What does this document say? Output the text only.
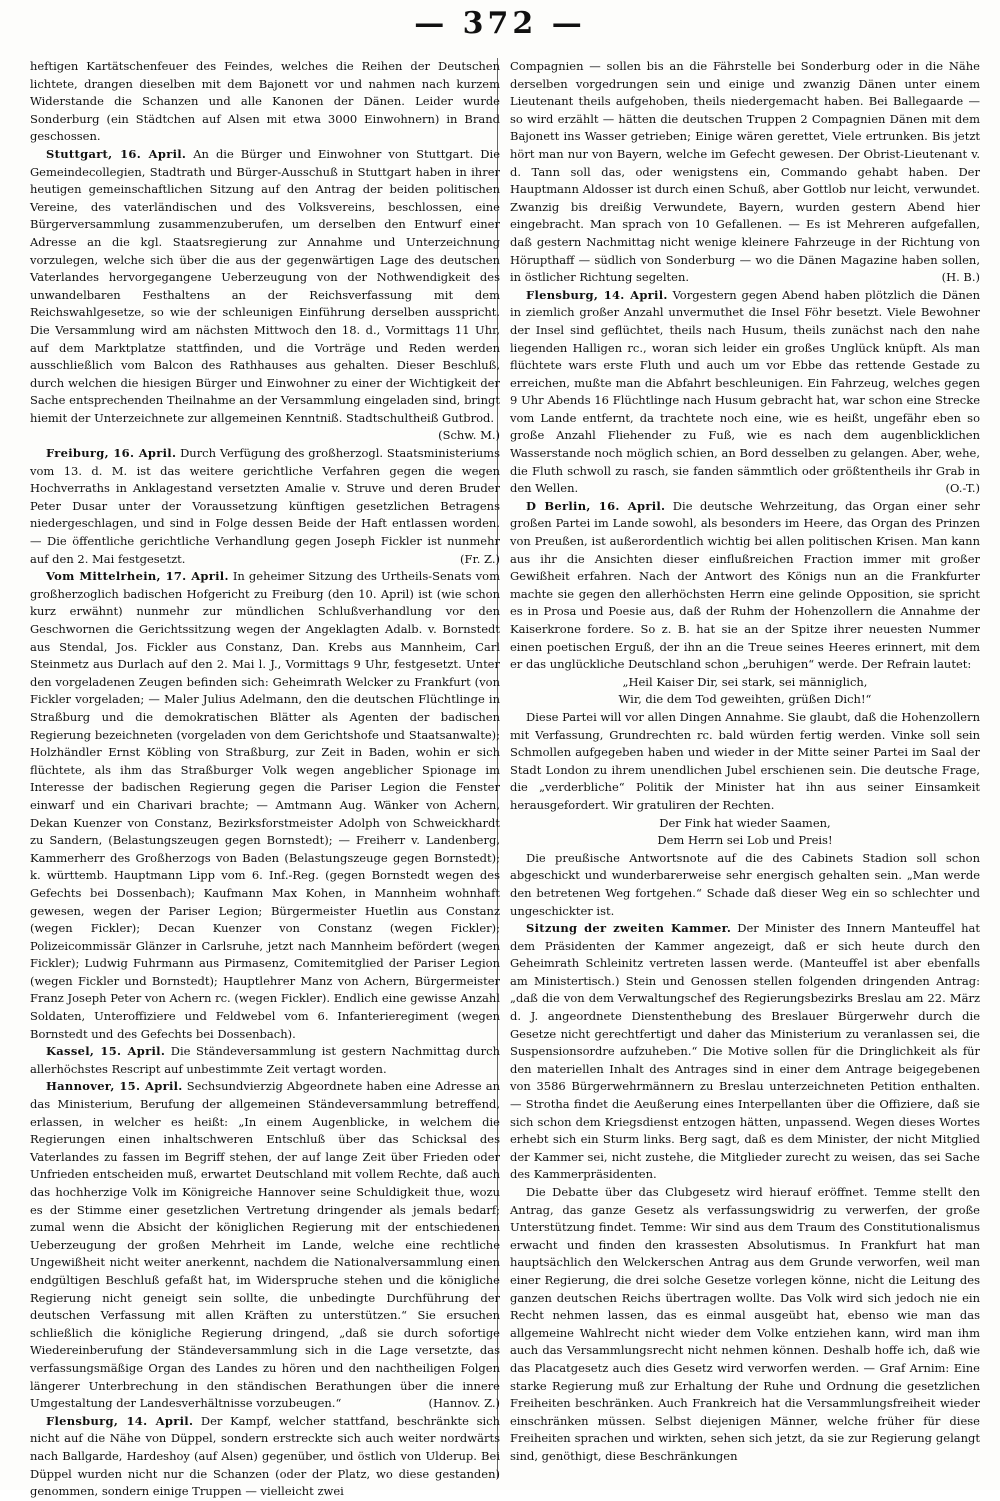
— 372 —

heftigen Kartätschenfeuer des Feindes, welches die Reihen der Deutschen lichtete, drangen dieselben mit dem Bajonett vor und nahmen nach kurzem Widerstande die Schanzen und alle Kanonen der Dänen. Leider wurde Sonderburg (ein Städtchen auf Alsen mit etwa 3000 Einwohnern) in Brand geschossen.

Stuttgart, 16. April. An die Bürger und Einwohner von Stuttgart. Die Gemeindecollegien, Stadtrath und Bürger-Ausschuß in Stuttgart haben in ihrer heutigen gemeinschaftlichen Sitzung auf den Antrag der beiden politischen Vereine, des vaterländischen und des Volksvereins, beschlossen, eine Bürgerversammlung zusammenzuberufen, um derselben den Entwurf einer Adresse an die kgl. Staatsregierung zur Annahme und Unterzeichnung vorzulegen, welche sich über die aus der gegenwärtigen Lage des deutschen Vaterlandes hervorgegangene Ueberzeugung von der Nothwendigkeit des unwandelbaren Festhaltens an der Reichsverfassung mit dem Reichswahlgesetze, so wie der schleunigen Einführung derselben ausspricht. Die Versammlung wird am nächsten Mittwoch den 18. d., Vormittags 11 Uhr, auf dem Marktplatze stattfinden, und die Vorträge und Reden werden ausschließlich vom Balcon des Rathhauses aus gehalten. Dieser Beschluß, durch welchen die hiesigen Bürger und Einwohner zu einer der Wichtigkeit der Sache entsprechenden Theilnahme an der Versammlung eingeladen sind, bringt hiemit der Unterzeichnete zur allgemeinen Kenntniß. Stadtschultheiß Gutbrod.
(Schw. M.)

Freiburg, 16. April. Durch Verfügung des großherzogl. Staatsministeriums vom 13. d. M. ist das weitere gerichtliche Verfahren gegen die wegen Hochverraths in Anklagestand versetzten Amalie v. Struve und deren Bruder Peter Dusar unter der Voraussetzung künftigen gesetzlichen Betragens niedergeschlagen, und sind in Folge dessen Beide der Haft entlassen worden. — Die öffentliche gerichtliche Verhandlung gegen Joseph Fickler ist nunmehr auf den 2. Mai festgesetzt.	(Fr. Z.)

Vom Mittelrhein, 17. April. In geheimer Sitzung des Urtheils-Senats vom großherzoglich badischen Hofgericht zu Freiburg (den 10. April) ist (wie schon kurz erwähnt) nunmehr zur mündlichen Schlußverhandlung vor den Geschwornen die Gerichtssitzung wegen der Angeklagten Adalb. v. Bornstedt aus Stendal, Jos. Fickler aus Constanz, Dan. Krebs aus Mannheim, Carl Steinmetz aus Durlach auf den 2. Mai l. J., Vormittags 9 Uhr, festgesetzt. Unter den vorgeladenen Zeugen befinden sich: Geheimrath Welcker zu Frankfurt (von Fickler vorgeladen; — Maler Julius Adelmann, den die deutschen Flüchtlinge in Straßburg und die demokratischen Blätter als Agenten der badischen Regierung bezeichneten (vorgeladen von dem Gerichtshofe und Staatsanwalte); Holzhändler Ernst Köbling von Straßburg, zur Zeit in Baden, wohin er sich flüchtete, als ihm das Straßburger Volk wegen angeblicher Spionage im Interesse der badischen Regierung gegen die Pariser Legion die Fenster einwarf und ein Charivari brachte; — Amtmann Aug. Wänker von Achern, Dekan Kuenzer von Constanz, Bezirksforstmeister Adolph von Schweickhardt zu Sandern, (Belastungszeugen gegen Bornstedt); — Freiherr v. Landenberg, Kammerherr des Großherzogs von Baden (Belastungszeuge gegen Bornstedt); k. württemb. Hauptmann Lipp vom 6. Inf.-Reg. (gegen Bornstedt wegen des Gefechts bei Dossenbach); Kaufmann Max Kohen, in Mannheim wohnhaft gewesen, wegen der Pariser Legion; Bürgermeister Huetlin aus Constanz (wegen Fickler); Decan Kuenzer von Constanz (wegen Fickler); Polizeicommissär Glänzer in Carlsruhe, jetzt nach Mannheim befördert (wegen Fickler); Ludwig Fuhrmann aus Pirmasenz, Comitemitglied der Pariser Legion (wegen Fickler und Bornstedt); Hauptlehrer Manz von Achern, Bürgermeister Franz Joseph Peter von Achern rc. (wegen Fickler). Endlich eine gewisse Anzahl Soldaten, Unteroffiziere und Feldwebel vom 6. Infanterieregiment (wegen Bornstedt und des Gefechts bei Dossenbach).

Kassel, 15. April. Die Ständeversammlung ist gestern Nachmittag durch allerhöchstes Rescript auf unbestimmte Zeit vertagt worden.

Hannover, 15. April. Sechsundvierzig Abgeordnete haben eine Adresse an das Ministerium, Berufung der allgemeinen Ständeversammlung betreffend, erlassen, in welcher es heißt: „In einem Augenblicke, in welchem die Regierungen einen inhaltschweren Entschluß über das Schicksal des Vaterlandes zu fassen im Begriff stehen, der auf lange Zeit über Frieden oder Unfrieden entscheiden muß, erwartet Deutschland mit vollem Rechte, daß auch das hochherzige Volk im Königreiche Hannover seine Schuldigkeit thue, wozu es der Stimme einer gesetzlichen Vertretung dringender als jemals bedarf; zumal wenn die Absicht der königlichen Regierung mit der entschiedenen Ueberzeugung der großen Mehrheit im Lande, welche eine rechtliche Ungewißheit nicht weiter anerkennt, nachdem die Nationalversammlung einen endgültigen Beschluß gefaßt hat, im Widerspruche stehen und die königliche Regierung nicht geneigt sein sollte, die unbedingte Durchführung der deutschen Verfassung mit allen Kräften zu unterstützen.“ Sie ersuchen schließlich die königliche Regierung dringend, „daß sie durch sofortige Wiedereinberufung der Ständeversammlung sich in die Lage versetzte, das verfassungsmäßige Organ des Landes zu hören und den nachtheiligen Folgen längerer Unterbrechung in den ständischen Berathungen über die innere Umgestaltung der Landesverhältnisse vorzubeugen.“	(Hannov. Z.)

Flensburg, 14. April. Der Kampf, welcher stattfand, beschränkte sich nicht auf die Nähe von Düppel, sondern erstreckte sich auch weiter nordwärts nach Ballgarde, Hardeshoy (auf Alsen) gegenüber, und östlich von Ulderup. Bei Düppel wurden nicht nur die Schanzen (oder der Platz, wo diese gestanden) genommen, sondern einige Truppen — vielleicht zwei

Compagnien — sollen bis an die Fährstelle bei Sonderburg oder in die Nähe derselben vorgedrungen sein und einige und zwanzig Dänen unter einem Lieutenant theils aufgehoben, theils niedergemacht haben. Bei Ballegaarde — so wird erzählt — hätten die deutschen Truppen 2 Compagnien Dänen mit dem Bajonett ins Wasser getrieben; Einige wären gerettet, Viele ertrunken. Bis jetzt hört man nur von Bayern, welche im Gefecht gewesen. Der Obrist-Lieutenant v. d. Tann soll das, oder wenigstens ein, Commando gehabt haben. Der Hauptmann Aldosser ist durch einen Schuß, aber Gottlob nur leicht, verwundet. Zwanzig bis dreißig Verwundete, Bayern, wurden gestern Abend hier eingebracht. Man sprach von 10 Gefallenen. — Es ist Mehreren aufgefallen, daß gestern Nachmittag nicht wenige kleinere Fahrzeuge in der Richtung von Hörupthaff — südlich von Sonderburg — wo die Dänen Magazine haben sollen, in östlicher Richtung segelten.	(H. B.)

Flensburg, 14. April. Vorgestern gegen Abend haben plötzlich die Dänen in ziemlich großer Anzahl unvermuthet die Insel Föhr besetzt. Viele Bewohner der Insel sind geflüchtet, theils nach Husum, theils zunächst nach den nahe liegenden Halligen rc., woran sich leider ein großes Unglück knüpft. Als man flüchtete wars erste Fluth und auch um vor Ebbe das rettende Gestade zu erreichen, mußte man die Abfahrt beschleunigen. Ein Fahrzeug, welches gegen 9 Uhr Abends 16 Flüchtlinge nach Husum gebracht hat, war schon eine Strecke vom Lande entfernt, da trachtete noch eine, wie es heißt, ungefähr eben so große Anzahl Fliehender zu Fuß, wie es nach dem augenblicklichen Wasserstande noch möglich schien, an Bord desselben zu gelangen. Aber, wehe, die Fluth schwoll zu rasch, sie fanden sämmtlich oder größtentheils ihr Grab in den Wellen.	(O.-T.)

D Berlin, 16. April. Die deutsche Wehrzeitung, das Organ einer sehr großen Partei im Lande sowohl, als besonders im Heere, das Organ des Prinzen von Preußen, ist außerordentlich wichtig bei allen politischen Krisen. Man kann aus ihr die Ansichten dieser einflußreichen Fraction immer mit großer Gewißheit erfahren. Nach der Antwort des Königs nun an die Frankfurter machte sie gegen den allerhöchsten Herrn eine gelinde Opposition, sie spricht es in Prosa und Poesie aus, daß der Ruhm der Hohenzollern die Annahme der Kaiserkrone fordere. So z. B. hat sie an der Spitze ihrer neuesten Nummer einen poetischen Erguß, der ihn an die Treue seines Heeres erinnert, mit dem er das unglückliche Deutschland schon „beruhigen“ werde. Der Refrain lautet:

„Heil Kaiser Dir, sei stark, sei männiglich,

Wir, die dem Tod geweihten, grüßen Dich!“

Diese Partei will vor allen Dingen Annahme. Sie glaubt, daß die Hohenzollern mit Verfassung, Grundrechten rc. bald würden fertig werden. Vinke soll sein Schmollen aufgegeben haben und wieder in der Mitte seiner Partei im Saal der Stadt London zu ihrem unendlichen Jubel erschienen sein. Die deutsche Frage, die „verderbliche“ Politik der Minister hat ihn aus seiner Einsamkeit herausgefordert. Wir gratuliren der Rechten.

Der Fink hat wieder Saamen,

Dem Herrn sei Lob und Preis!

Die preußische Antwortsnote auf die des Cabinets Stadion soll schon abgeschickt und wunderbarerweise sehr energisch gehalten sein. „Man werde den betretenen Weg fortgehen.“ Schade daß dieser Weg ein so schlechter und ungeschickter ist.

Sitzung der zweiten Kammer. Der Minister des Innern Manteuffel hat dem Präsidenten der Kammer angezeigt, daß er sich heute durch den Geheimrath Schleinitz vertreten lassen werde. (Manteuffel ist aber ebenfalls am Ministertisch.) Stein und Genossen stellen folgenden dringenden Antrag: „daß die von dem Verwaltungschef des Regierungsbezirks Breslau am 22. März d. J. angeordnete Dienstenthebung des Breslauer Bürgerwehr durch die Gesetze nicht gerechtfertigt und daher das Ministerium zu veranlassen sei, die Suspensionsordre aufzuheben.“ Die Motive sollen für die Dringlichkeit als für den materiellen Inhalt des Antrages sind in einer dem Antrage beigegebenen von 3586 Bürgerwehrmännern zu Breslau unterzeichneten Petition enthalten. — Strotha findet die Aeußerung eines Interpellanten über die Offiziere, daß sie sich schon dem Kriegsdienst entzogen hätten, unpassend. Wegen dieses Wortes erhebt sich ein Sturm links. Berg sagt, daß es dem Minister, der nicht Mitglied der Kammer sei, nicht zustehe, die Mitglieder zurecht zu weisen, das sei Sache des Kammerpräsidenten.

Die Debatte über das Clubgesetz wird hierauf eröffnet. Temme stellt den Antrag, das ganze Gesetz als verfassungswidrig zu verwerfen, der große Unterstützung findet. Temme: Wir sind aus dem Traum des Constitutionalismus erwacht und finden den krassesten Absolutismus. In Frankfurt hat man hauptsächlich den Welckerschen Antrag aus dem Grunde verworfen, weil man einer Regierung, die drei solche Gesetze vorlegen könne, nicht die Leitung des ganzen deutschen Reichs übertragen wollte. Das Volk wird sich jedoch nie ein Recht nehmen lassen, das es einmal ausgeübt hat, ebenso wie man das allgemeine Wahlrecht nicht wieder dem Volke entziehen kann, wird man ihm auch das Versammlungsrecht nicht nehmen können. Deshalb hoffe ich, daß wie das Placatgesetz auch dies Gesetz wird verworfen werden. — Graf Arnim: Eine starke Regierung muß zur Erhaltung der Ruhe und Ordnung die gesetzlichen Freiheiten beschränken. Auch Frankreich hat die Versammlungsfreiheit wieder einschränken müssen. Selbst diejenigen Männer, welche früher für diese Freiheiten sprachen und wirkten, sehen sich jetzt, da sie zur Regierung gelangt sind, genöthigt, diese Beschränkungen
